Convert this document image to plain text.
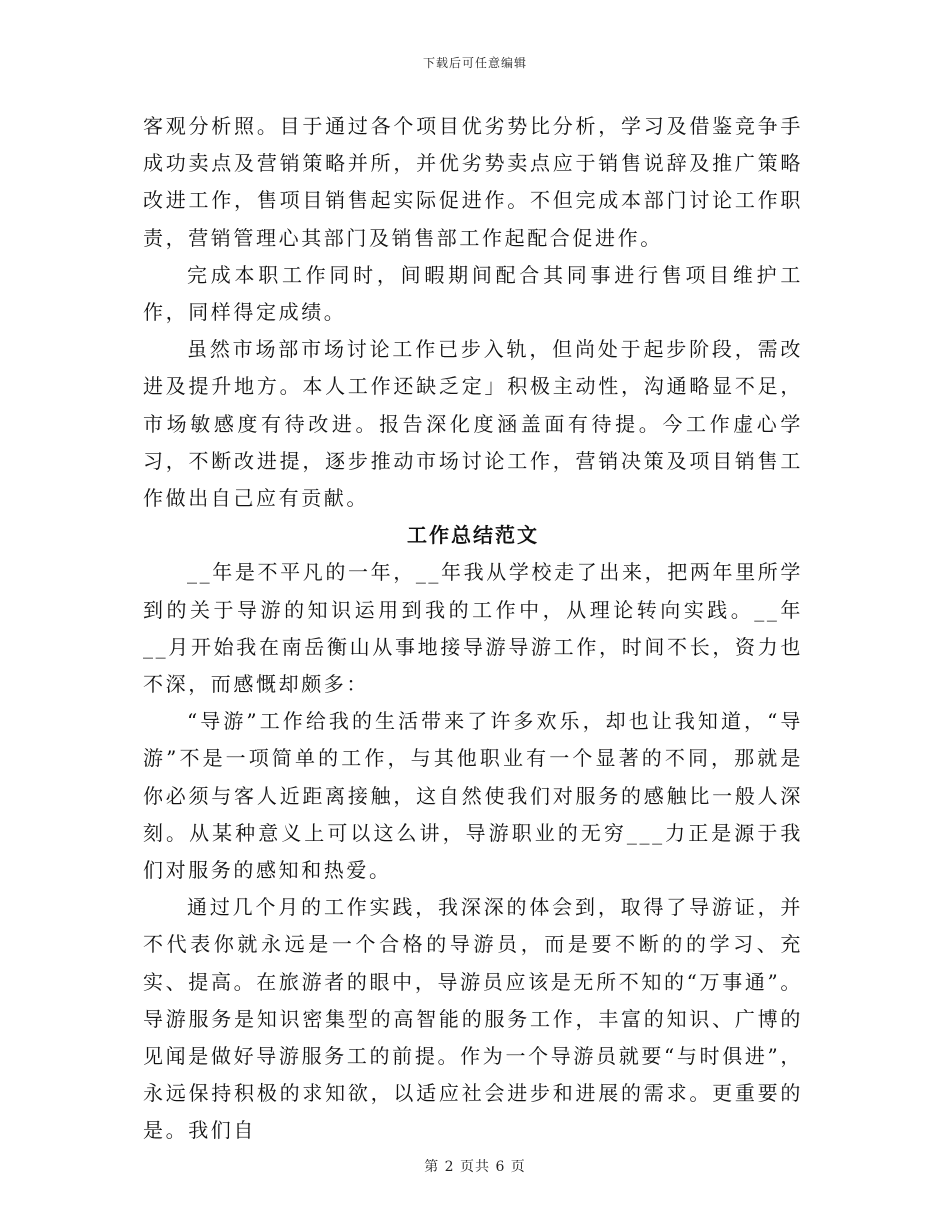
下载后可任意编辑

客观分析照。目于通过各个项目优劣势比分析，学习及借鉴竞争手成功卖点及营销策略并所，并优劣势卖点应于销售说辞及推广策略改进工作，售项目销售起实际促进作。不但完成本部门讨论工作职责，营销管理心其部门及销售部工作起配合促进作。

完成本职工作同时，间暇期间配合其同事进行售项目维护工作，同样得定成绩。

虽然市场部市场讨论工作已步入轨，但尚处于起步阶段，需改进及提升地方。本人工作还缺乏定」积极主动性，沟通略显不足，市场敏感度有待改进。报告深化度涵盖面有待提。今工作虚心学习，不断改进提，逐步推动市场讨论工作，营销决策及项目销售工作做出自己应有贡献。

工作总结范文

__年是不平凡的一年，__年我从学校走了出来，把两年里所学到的关于导游的知识运用到我的工作中，从理论转向实践。__年__月开始我在南岳衡山从事地接导游导游工作，时间不长，资力也不深，而感慨却颇多：

“导游”工作给我的生活带来了许多欢乐，却也让我知道，“导游”不是一项简单的工作，与其他职业有一个显著的不同，那就是你必须与客人近距离接触，这自然使我们对服务的感触比一般人深刻。从某种意义上可以这么讲，导游职业的无穷___力正是源于我们对服务的感知和热爱。

通过几个月的工作实践，我深深的体会到，取得了导游证，并不代表你就永远是一个合格的导游员，而是要不断的的学习、充实、提高。在旅游者的眼中，导游员应该是无所不知的“万事通”。导游服务是知识密集型的高智能的服务工作，丰富的知识、广博的见闻是做好导游服务工的前提。作为一个导游员就要“与时俱进”，永远保持积极的求知欲，以适应社会进步和进展的需求。更重要的是。我们自

第 2 页共 6 页
